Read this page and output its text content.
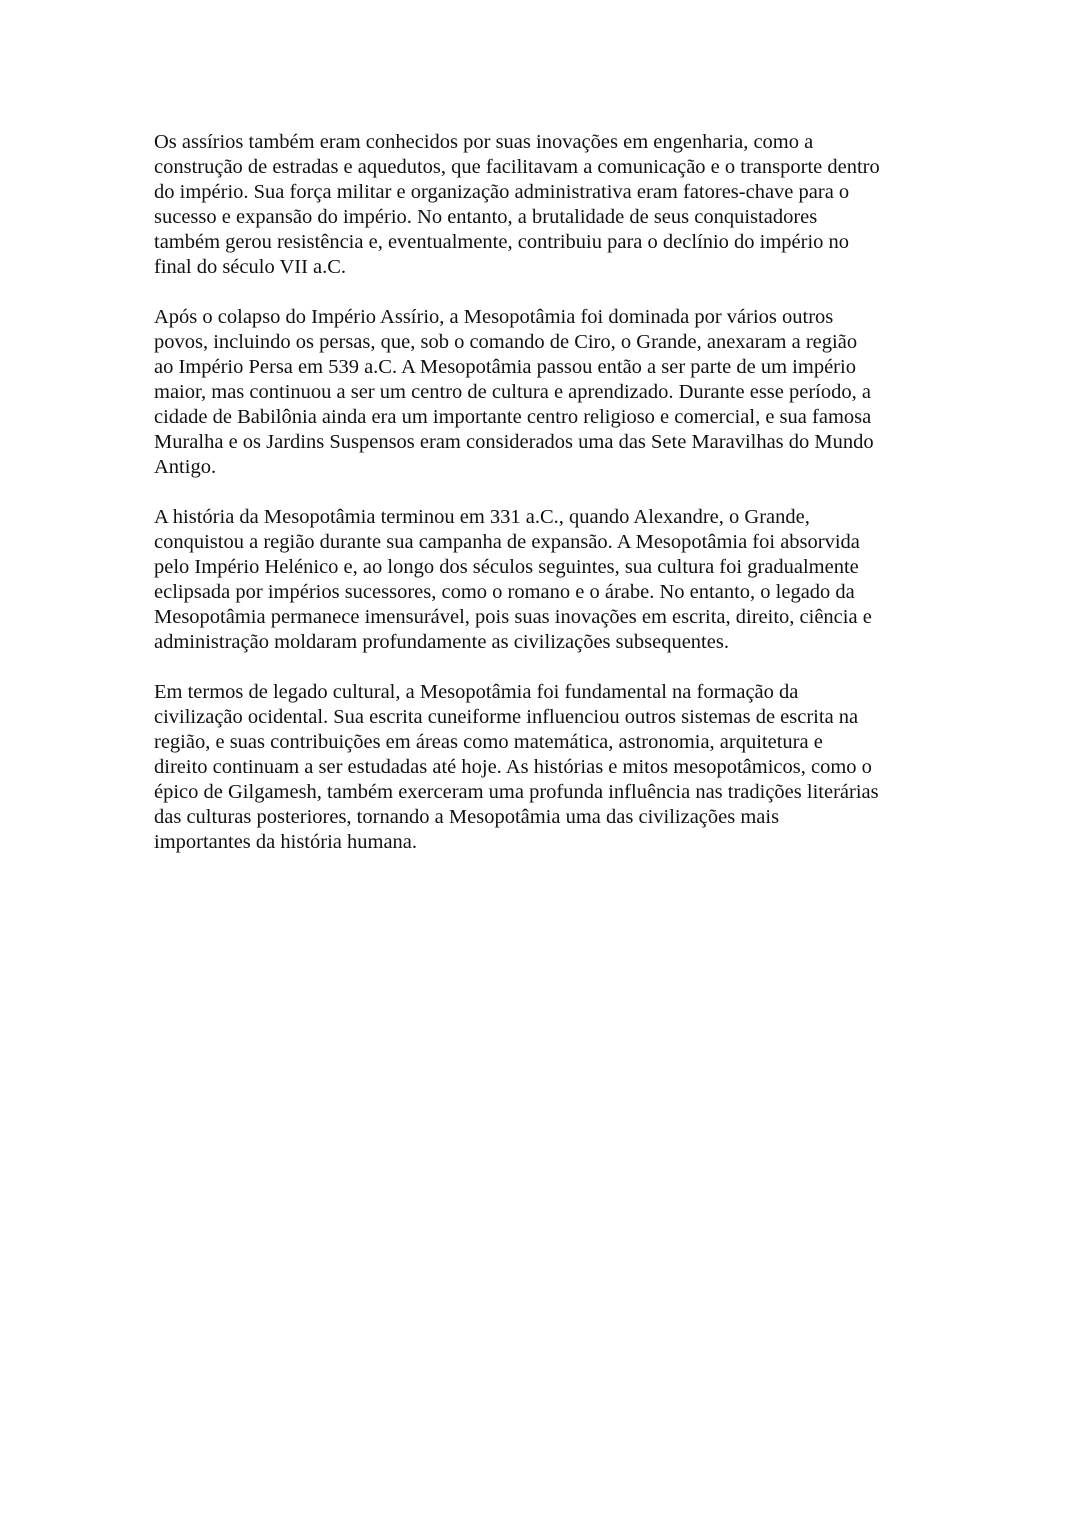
Os assírios também eram conhecidos por suas inovações em engenharia, como a
construção de estradas e aquedutos, que facilitavam a comunicação e o transporte dentro
do império. Sua força militar e organização administrativa eram fatores-chave para o
sucesso e expansão do império. No entanto, a brutalidade de seus conquistadores
também gerou resistência e, eventualmente, contribuiu para o declínio do império no
final do século VII a.C.

Após o colapso do Império Assírio, a Mesopotâmia foi dominada por vários outros
povos, incluindo os persas, que, sob o comando de Ciro, o Grande, anexaram a região
ao Império Persa em 539 a.C. A Mesopotâmia passou então a ser parte de um império
maior, mas continuou a ser um centro de cultura e aprendizado. Durante esse período, a
cidade de Babilônia ainda era um importante centro religioso e comercial, e sua famosa
Muralha e os Jardins Suspensos eram considerados uma das Sete Maravilhas do Mundo
Antigo.

A história da Mesopotâmia terminou em 331 a.C., quando Alexandre, o Grande,
conquistou a região durante sua campanha de expansão. A Mesopotâmia foi absorvida
pelo Império Helénico e, ao longo dos séculos seguintes, sua cultura foi gradualmente
eclipsada por impérios sucessores, como o romano e o árabe. No entanto, o legado da
Mesopotâmia permanece imensurável, pois suas inovações em escrita, direito, ciência e
administração moldaram profundamente as civilizações subsequentes.

Em termos de legado cultural, a Mesopotâmia foi fundamental na formação da
civilização ocidental. Sua escrita cuneiforme influenciou outros sistemas de escrita na
região, e suas contribuições em áreas como matemática, astronomia, arquitetura e
direito continuam a ser estudadas até hoje. As histórias e mitos mesopotâmicos, como o
épico de Gilgamesh, também exerceram uma profunda influência nas tradições literárias
das culturas posteriores, tornando a Mesopotâmia uma das civilizações mais
importantes da história humana.
